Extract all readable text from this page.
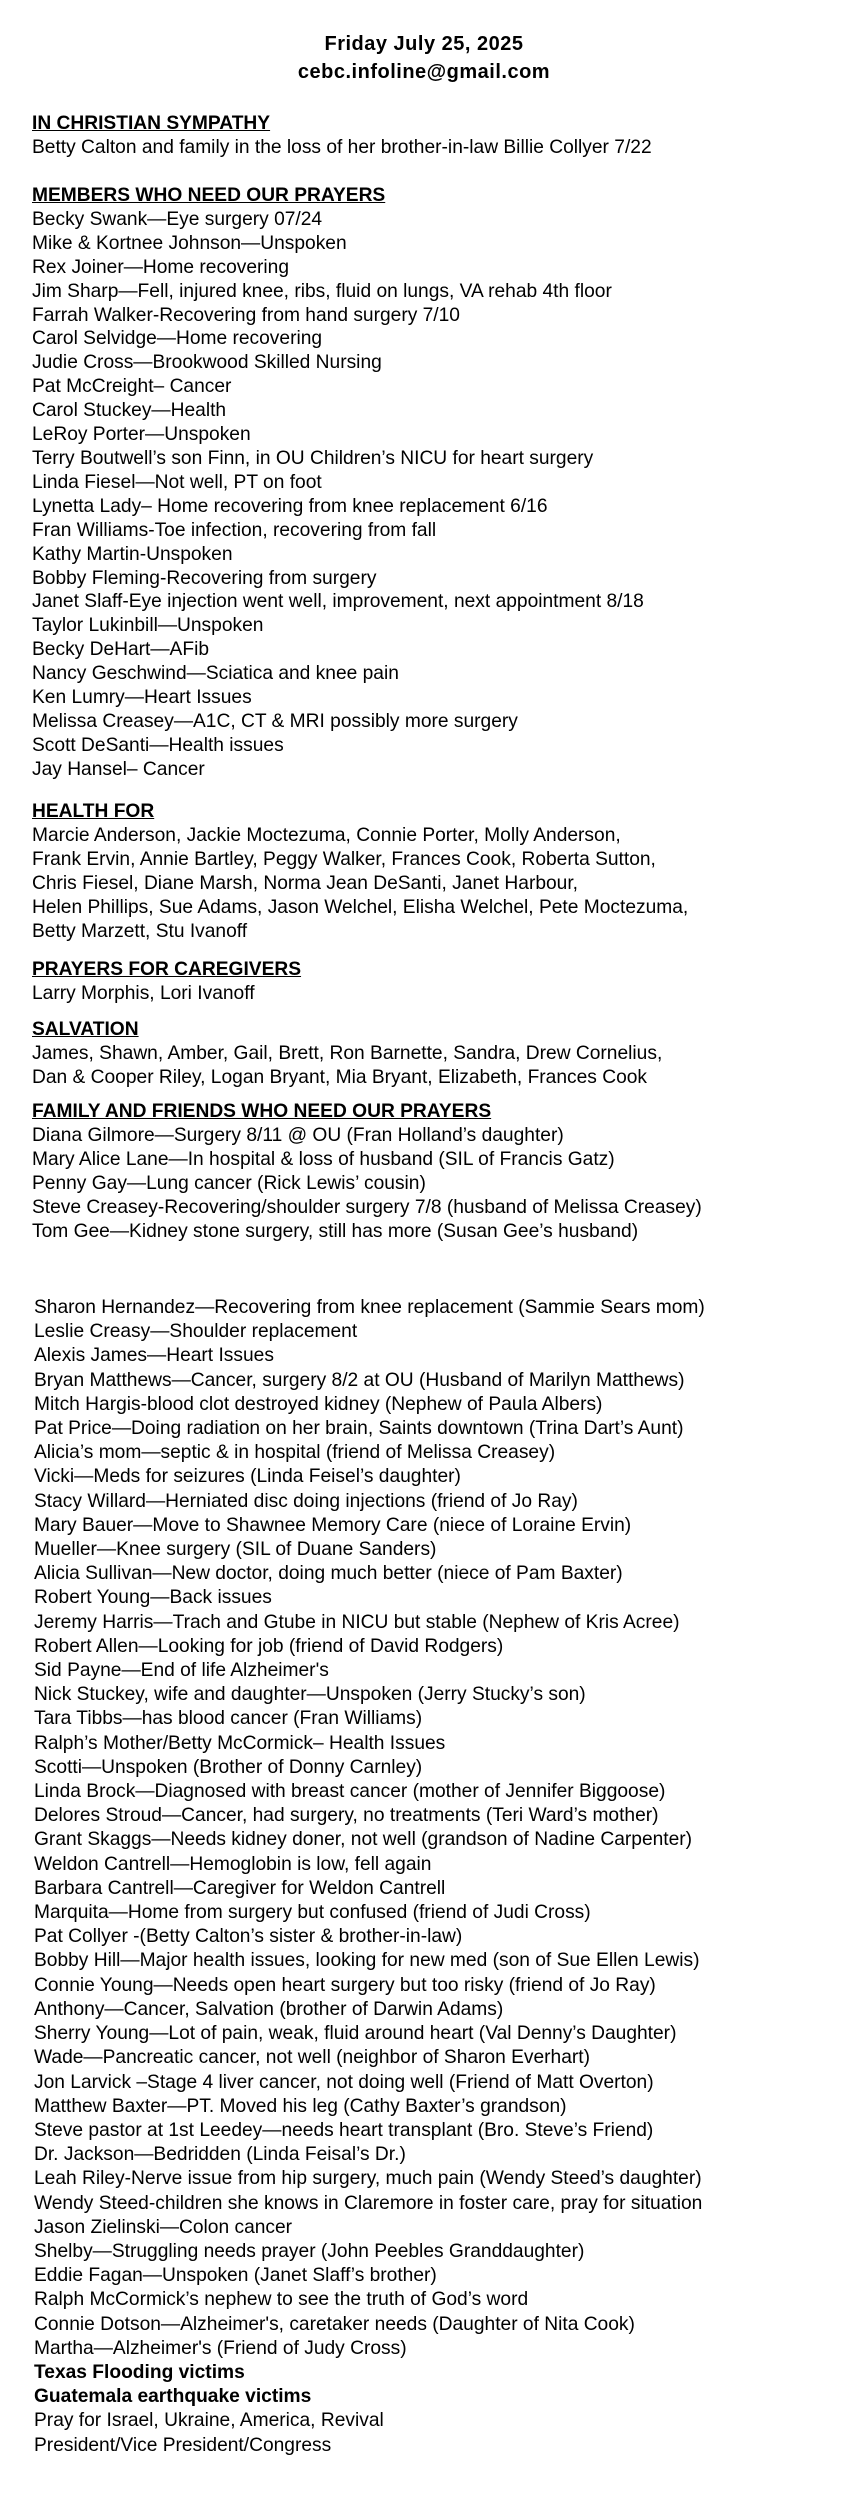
Friday July 25, 2025
cebc.infoline@gmail.com
IN CHRISTIAN SYMPATHY
Betty Calton and family in the loss of her brother-in-law Billie Collyer 7/22
MEMBERS WHO NEED OUR PRAYERS
Becky Swank—Eye surgery 07/24
Mike & Kortnee Johnson—Unspoken
Rex Joiner—Home recovering
Jim Sharp—Fell, injured knee, ribs, fluid on lungs, VA rehab 4th floor
Farrah Walker-Recovering from hand surgery 7/10
Carol Selvidge—Home recovering
Judie Cross—Brookwood Skilled Nursing
Pat McCreight– Cancer
Carol Stuckey—Health
LeRoy Porter—Unspoken
Terry Boutwell’s son Finn, in OU Children’s NICU for heart surgery
Linda Fiesel—Not well, PT on foot
Lynetta Lady– Home recovering from knee replacement 6/16
Fran Williams-Toe infection, recovering from fall
Kathy Martin-Unspoken
Bobby Fleming-Recovering from surgery
Janet Slaff-Eye injection went well, improvement, next appointment 8/18
Taylor Lukinbill—Unspoken
Becky DeHart—AFib
Nancy Geschwind—Sciatica and knee pain
Ken Lumry—Heart Issues
Melissa Creasey—A1C, CT & MRI possibly more surgery
Scott DeSanti—Health issues
Jay Hansel– Cancer
HEALTH FOR
Marcie Anderson, Jackie Moctezuma, Connie Porter, Molly Anderson,
Frank Ervin, Annie Bartley, Peggy Walker, Frances Cook, Roberta Sutton,
Chris Fiesel, Diane Marsh, Norma Jean DeSanti, Janet Harbour,
Helen Phillips, Sue Adams, Jason Welchel, Elisha Welchel, Pete Moctezuma,
Betty Marzett, Stu Ivanoff
PRAYERS FOR CAREGIVERS
Larry Morphis, Lori Ivanoff
SALVATION
James, Shawn, Amber, Gail, Brett, Ron Barnette, Sandra, Drew Cornelius,
Dan & Cooper Riley, Logan Bryant, Mia Bryant, Elizabeth, Frances Cook
FAMILY AND FRIENDS WHO NEED OUR PRAYERS
Diana Gilmore—Surgery 8/11 @ OU (Fran Holland’s daughter)
Mary Alice Lane—In hospital & loss of husband (SIL of Francis Gatz)
Penny Gay—Lung cancer (Rick Lewis’ cousin)
Steve Creasey-Recovering/shoulder surgery 7/8 (husband of Melissa Creasey)
Tom Gee—Kidney stone surgery, still has more (Susan Gee’s husband)
Sharon Hernandez—Recovering from knee replacement (Sammie Sears mom)
Leslie Creasy—Shoulder replacement
Alexis James—Heart Issues
Bryan Matthews—Cancer, surgery 8/2 at OU (Husband of Marilyn Matthews)
Mitch Hargis-blood clot destroyed kidney (Nephew of Paula Albers)
Pat Price—Doing radiation on her brain, Saints downtown (Trina Dart’s Aunt)
Alicia’s mom—septic & in hospital (friend of Melissa Creasey)
Vicki—Meds for seizures (Linda Feisel’s daughter)
Stacy Willard—Herniated disc doing injections (friend of Jo Ray)
Mary Bauer—Move to Shawnee Memory Care (niece of Loraine Ervin)
Mueller—Knee surgery (SIL of Duane Sanders)
Alicia Sullivan—New doctor, doing much better (niece of Pam Baxter)
Robert Young—Back issues
Jeremy Harris—Trach and Gtube in NICU but stable (Nephew of Kris Acree)
Robert Allen—Looking for job (friend of David Rodgers)
Sid Payne—End of life Alzheimer's
Nick Stuckey, wife and daughter—Unspoken (Jerry Stucky’s son)
Tara Tibbs—has blood cancer (Fran Williams)
Ralph’s Mother/Betty McCormick– Health Issues
Scotti—Unspoken (Brother of Donny Carnley)
Linda Brock—Diagnosed with breast cancer (mother of Jennifer Biggoose)
Delores Stroud—Cancer, had surgery, no treatments (Teri Ward’s mother)
Grant Skaggs—Needs kidney doner, not well (grandson of Nadine Carpenter)
Weldon Cantrell—Hemoglobin is low, fell again
Barbara Cantrell—Caregiver for Weldon Cantrell
Marquita—Home from surgery but confused (friend of Judi Cross)
Pat Collyer -(Betty Calton’s sister & brother-in-law)
Bobby Hill—Major health issues, looking for new med (son of Sue Ellen Lewis)
Connie Young—Needs open heart surgery but too risky (friend of Jo Ray)
Anthony—Cancer, Salvation (brother of Darwin Adams)
Sherry Young—Lot of pain, weak, fluid around heart (Val Denny’s Daughter)
Wade—Pancreatic cancer, not well (neighbor of Sharon Everhart)
Jon Larvick –Stage 4 liver cancer, not doing well (Friend of Matt Overton)
Matthew Baxter—PT. Moved his leg (Cathy Baxter’s grandson)
Steve pastor at 1st Leedey—needs heart transplant (Bro. Steve’s Friend)
Dr. Jackson—Bedridden (Linda Feisal’s Dr.)
Leah Riley-Nerve issue from hip surgery, much pain (Wendy Steed’s daughter)
Wendy Steed-children she knows in Claremore in foster care, pray for situation
Jason Zielinski—Colon cancer
Shelby—Struggling needs prayer (John Peebles Granddaughter)
Eddie Fagan—Unspoken (Janet Slaff’s brother)
Ralph McCormick’s nephew to see the truth of God’s word
Connie Dotson—Alzheimer's, caretaker needs (Daughter of Nita Cook)
Martha—Alzheimer's (Friend of Judy Cross)
Texas Flooding victims
Guatemala earthquake victims
Pray for Israel, Ukraine, America, Revival
President/Vice President/Congress
